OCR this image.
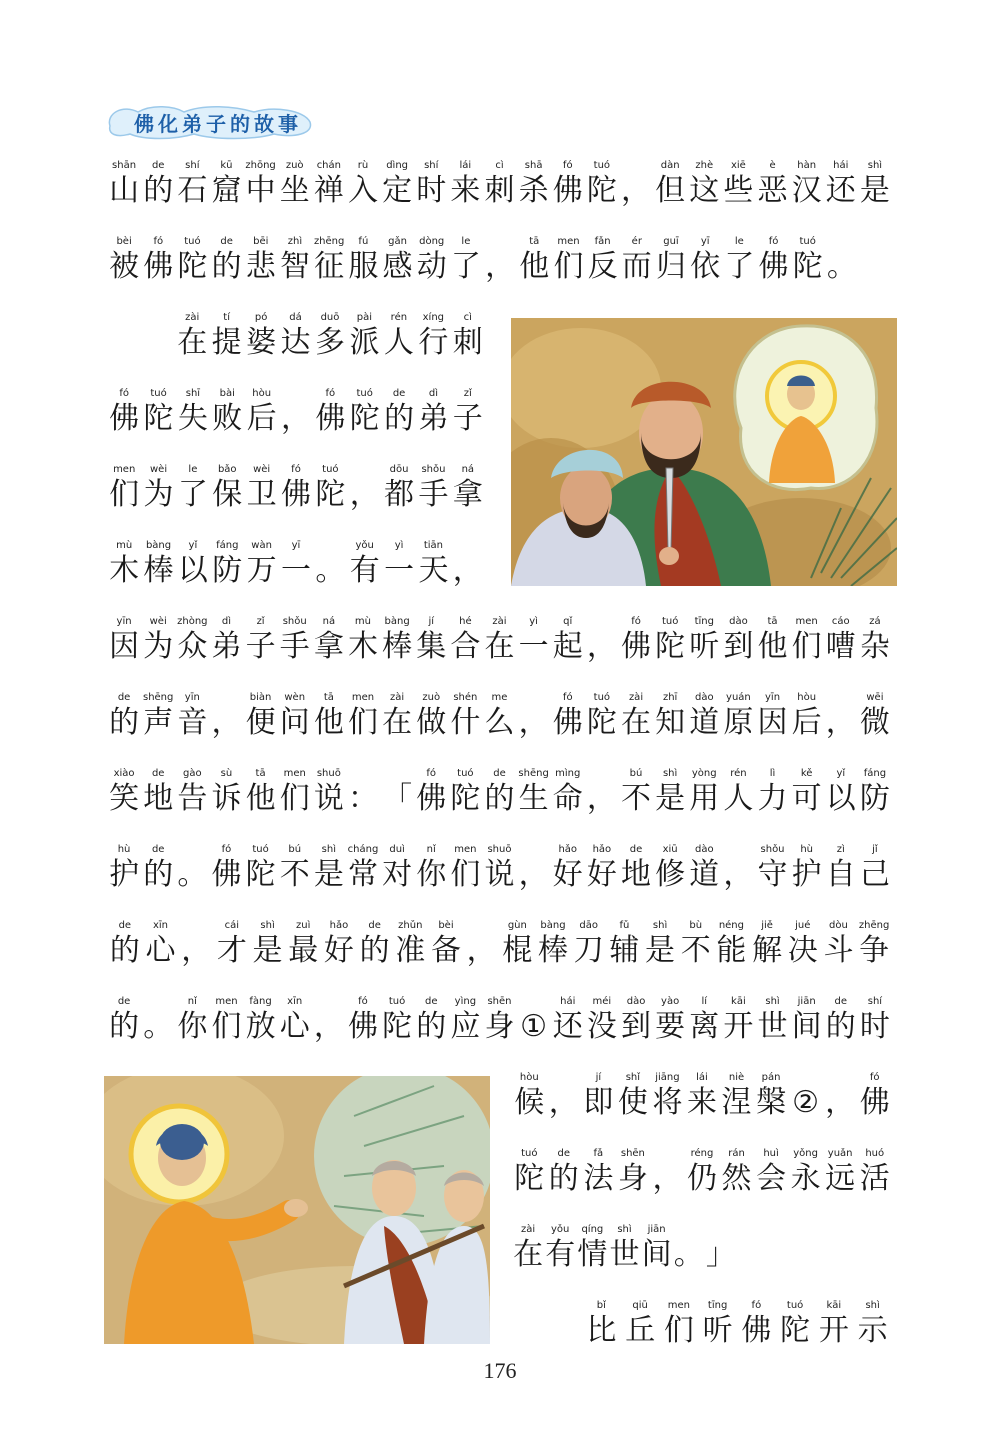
佛化弟子的故事
shān
山
de
的
shí
石
kū
窟
zhōng
中
zuò
坐
chán
禅
rù
入
dìng
定
shí
时
lái
来
cì
刺
shā
杀
fó
佛
tuó
陀 ，
dàn
但
zhè
这
xiē
些
è
恶
hàn
汉
hái
还
shì
是
bèi
被
fó
佛
tuó
陀
de
的
bēi
悲
zhì
智
zhēng
征
fú
服
gǎn
感
dòng
动
le
了 ，
tā
他
men
们
fǎn
反
ér
而
guī
归
yī
依
le
了
fó
佛
tuó
陀 。
zài
在
tí
提
pó
婆
dá
达
duō
多
pài
派
rén
人
xíng
行
cì
刺
fó
佛
tuó
陀
shī
失
bài
败
hòu
后 ，
fó
佛
tuó
陀
de
的
dì
弟
zǐ
子
men
们
wèi
为
le
了
bǎo
保
wèi
卫
fó
佛
tuó
陀 ，
dōu
都
shǒu
手
ná
拿
mù
木
bàng
棒
yǐ
以
fáng
防
wàn
万
yī
一 。
yǒu
有
yì
一
tiān
天 ，
yīn
因
wèi
为
zhòng
众
dì
弟
zǐ
子
shǒu
手
ná
拿
mù
木
bàng
棒
jí
集
hé
合
zài
在
yì
一
qǐ
起 ，
fó
佛
tuó
陀
tīng
听
dào
到
tā
他
men
们
cáo
嘈
zá
杂
de
的
shēng
声
yīn
音 ，
biàn
便
wèn
问
tā
他
men
们
zài
在
zuò
做
shén
什
me
么 ，
fó
佛
tuó
陀
zài
在
zhī
知
dào
道
yuán
原
yīn
因
hòu
后 ，
wēi
微
xiào
笑
de
地
gào
告
sù
诉
tā
他
men
们
shuō
说 ： 「
fó
佛
tuó
陀
de
的
shēng
生
mìng
命 ，
bú
不
shì
是
yòng
用
rén
人
lì
力
kě
可
yǐ
以
fáng
防
hù
护
de
的 。
fó
佛
tuó
陀
bú
不
shì
是
cháng
常
duì
对
nǐ
你
men
们
shuō
说 ，
hǎo
好
hǎo
好
de
地
xiū
修
dào
道 ，
shǒu
守
hù
护
zì
自
jǐ
己
de
的
xīn
心 ，
cái
才
shì
是
zuì
最
hǎo
好
de
的
zhǔn
准
bèi
备 ，
gùn
棍
bàng
棒
dāo
刀
fǔ
辅
shì
是
bù
不
néng
能
jiě
解
jué
决
dòu
斗
zhēng
争
de
的 。
nǐ
你
men
们
fàng
放
xīn
心 ，
fó
佛
tuó
陀
de
的
yìng
应
shēn
身 ①
hái
还
méi
没
dào
到
yào
要
lí
离
kāi
开
shì
世
jiān
间
de
的
shí
时
hòu
候 ，
jí
即
shǐ
使
jiāng
将
lái
来
niè
涅
pán
槃 ② ，
fó
佛
tuó
陀
de
的
fǎ
法
shēn
身 ，
réng
仍
rán
然
huì
会
yǒng
永
yuǎn
远
huó
活
zài
在
yǒu
有
qíng
情
shì
世
jiān
间 。 」
bǐ
比
qiū
丘
men
们
tīng
听
fó
佛
tuó
陀
kāi
开
shì
示
176
